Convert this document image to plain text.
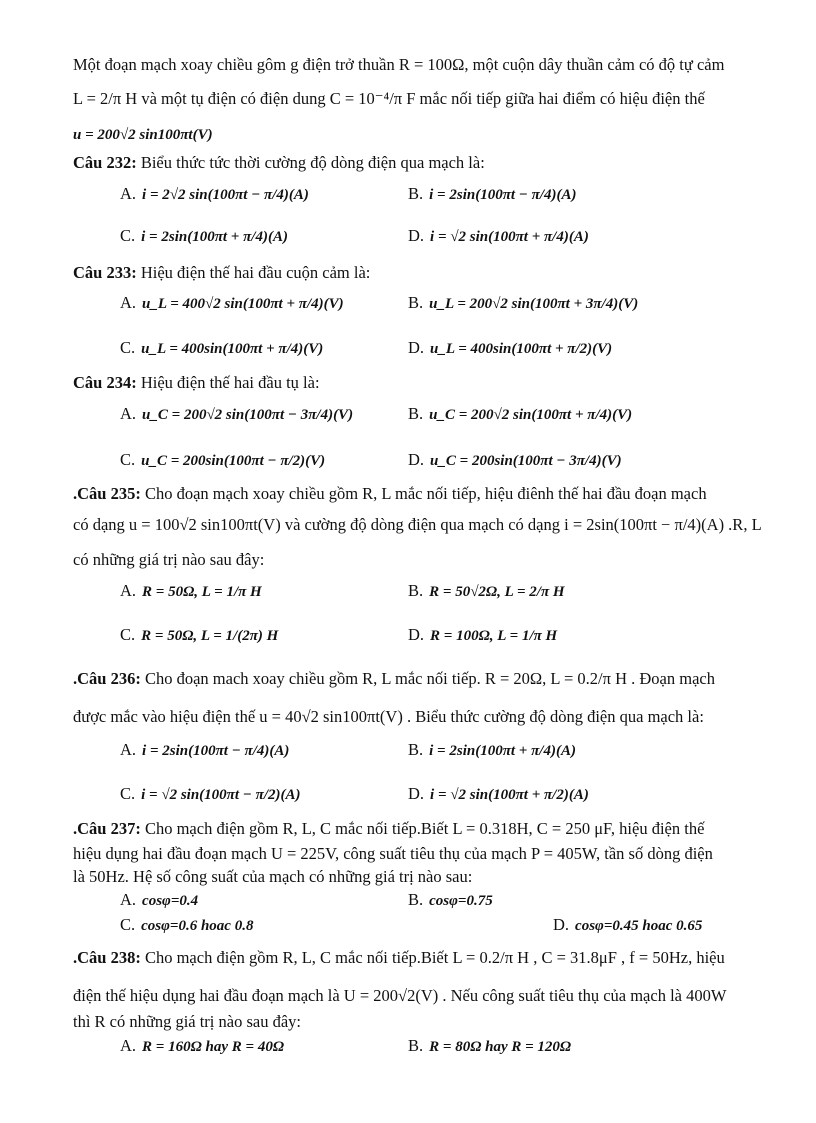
Một đoạn mạch xoay chiều gôm g điện trở thuần R = 100Ω, một cuộn dây thuần cảm có độ tự cảm
L = 2/π H và một tụ điện có điện dung C = 10⁻⁴/π F mắc nối tiếp giữa hai điểm có hiệu điện thế
u = 200√2 sin100πt(V)
Câu 232: Biểu thức tức thời cường độ dòng điện qua mạch là:
A. i = 2√2 sin(100πt − π/4)(A)	B. i = 2sin(100πt − π/4)(A)
C. i = 2sin(100πt + π/4)(A)	D. i = √2 sin(100πt + π/4)(A)
Câu 233: Hiệu điện thế hai đầu cuộn cảm là:
A. u_L = 400√2 sin(100πt + π/4)(V)	B. u_L = 200√2 sin(100πt + 3π/4)(V)
C. u_L = 400sin(100πt + π/4)(V)	D. u_L = 400sin(100πt + π/2)(V)
Câu 234: Hiệu điện thế hai đầu tụ là:
A. u_C = 200√2 sin(100πt − 3π/4)(V)	B. u_C = 200√2 sin(100πt + π/4)(V)
C. u_C = 200sin(100πt − π/2)(V)	D. u_C = 200sin(100πt − 3π/4)(V)
.Câu 235: Cho đoạn mạch xoay chiều gồm R, L mắc nối tiếp, hiệu điênh thế hai đầu đoạn mạch
có dạng u = 100√2 sin100πt(V) và cường độ dòng điện qua mạch có dạng i = 2sin(100πt − π/4)(A) .R, L
có những giá trị nào sau đây:
A. R = 50Ω, L = 1/π H	B. R = 50√2Ω, L = 2/π H
C. R = 50Ω, L = 1/(2π) H	D. R = 100Ω, L = 1/π H
.Câu 236: Cho đoạn mach xoay chiều gồm R, L mắc nối tiếp. R = 20Ω, L = 0.2/π H . Đoạn mạch
được mắc vào hiệu điện thế u = 40√2 sin100πt(V) . Biểu thức cường độ dòng điện qua mạch là:
A. i = 2sin(100πt − π/4)(A)	B. i = 2sin(100πt + π/4)(A)
C. i = √2 sin(100πt − π/2)(A)	D. i = √2 sin(100πt + π/2)(A)
.Câu 237: Cho mạch điện gồm R, L, C mắc nối tiếp.Biết L = 0.318H, C = 250 μF, hiệu điện thế
hiệu dụng hai đầu đoạn mạch U = 225V, công suất tiêu thụ của mạch P = 405W, tần số dòng điện
là 50Hz. Hệ số công suất của mạch có những giá trị nào sau:
A. cosφ=0.4	B. cosφ=0.75
C. cosφ=0.6 hoac 0.8	D. cosφ=0.45 hoac 0.65
.Câu 238: Cho mạch điện gồm R, L, C mắc nối tiếp.Biết L = 0.2/π H , C = 31.8μF , f = 50Hz, hiệu
điện thế hiệu dụng hai đầu đoạn mạch là U = 200√2(V) . Nếu công suất tiêu thụ của mạch là 400W
thì R có những giá trị nào sau đây:
A. R = 160Ω hay R = 40Ω	B. R = 80Ω hay R = 120Ω
